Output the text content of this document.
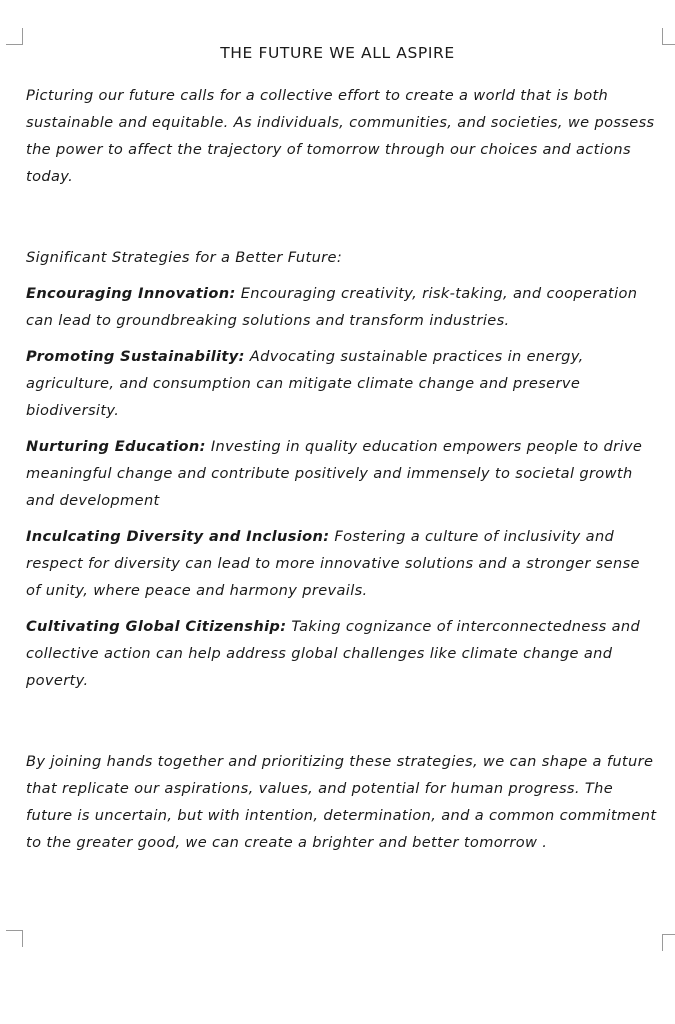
THE FUTURE WE ALL ASPIRE

Picturing our future calls for a collective effort to create a world that is both sustainable and equitable. As individuals, communities, and societies, we possess the power to affect the trajectory of tomorrow through our choices and actions today.

Significant Strategies for a Better Future:

Encouraging Innovation: Encouraging creativity, risk-taking, and cooperation can lead to groundbreaking solutions and transform industries.

Promoting Sustainability: Advocating sustainable practices in energy, agriculture, and consumption can mitigate climate change and preserve biodiversity.

Nurturing Education: Investing in quality education empowers people to drive meaningful change and contribute positively and immensely to societal growth and development

Inculcating Diversity and Inclusion: Fostering a culture of inclusivity and respect for diversity can lead to more innovative solutions and a stronger sense of unity, where peace and harmony prevails.

Cultivating Global Citizenship: Taking cognizance of interconnectedness and collective action can help address global challenges like climate change and poverty.

By joining hands together and prioritizing these strategies, we can shape a future that replicate our aspirations, values, and potential for human progress. The future is uncertain, but with intention, determination, and a common commitment to the greater good, we can create a brighter and better tomorrow .
